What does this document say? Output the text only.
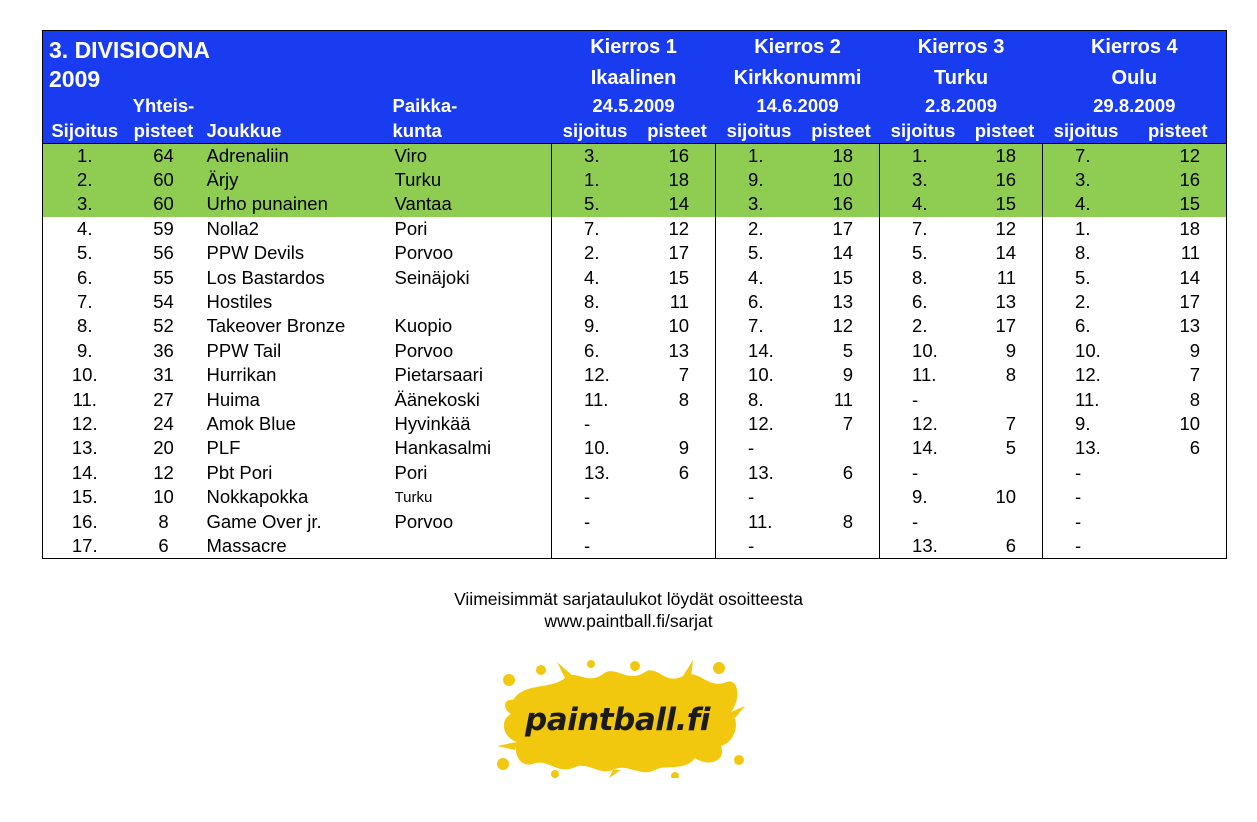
3. DIVISIOONA				Kierros 1		Kierros 2		Kierros 3		Kierros 4	
2009				Ikaalinen		Kirkkonummi		Turku		Oulu	
	Yhteis-		Paikka-	24.5.2009		14.6.2009		2.8.2009		29.8.2009	
Sijoitus	pisteet	Joukkue	kunta	sijoitus	pisteet	sijoitus	pisteet	sijoitus	pisteet	sijoitus	pisteet
1.	64	Adrenaliin	Viro	3.	16	1.	18	1.	18	7.	12
2.	60	Ärjy	Turku	1.	18	9.	10	3.	16	3.	16
3.	60	Urho punainen	Vantaa	5.	14	3.	16	4.	15	4.	15
4.	59	Nolla2	Pori	7.	12	2.	17	7.	12	1.	18
5.	56	PPW Devils	Porvoo	2.	17	5.	14	5.	14	8.	11
6.	55	Los Bastardos	Seinäjoki	4.	15	4.	15	8.	11	5.	14
7.	54	Hostiles		8.	11	6.	13	6.	13	2.	17
8.	52	Takeover Bronze	Kuopio	9.	10	7.	12	2.	17	6.	13
9.	36	PPW Tail	Porvoo	6.	13	14.	5	10.	9	10.	9
10.	31	Hurrikan	Pietarsaari	12.	7	10.	9	11.	8	12.	7
11.	27	Huima	Äänekoski	11.	8	8.	11	-		11.	8
12.	24	Amok Blue	Hyvinkää	-		12.	7	12.	7	9.	10
13.	20	PLF	Hankasalmi	10.	9	-		14.	5	13.	6
14.	12	Pbt Pori	Pori	13.	6	13.	6	-		-	
15.	10	Nokkapokka	Turku	-		-		9.	10	-	
16.	8	Game Over jr.	Porvoo	-		11.	8	-		-	
17.	6	Massacre		-		-		13.	6	-	
Viimeisimmät sarjataulukot löydät osoitteesta
www.paintball.fi/sarjat
paintball.fi
